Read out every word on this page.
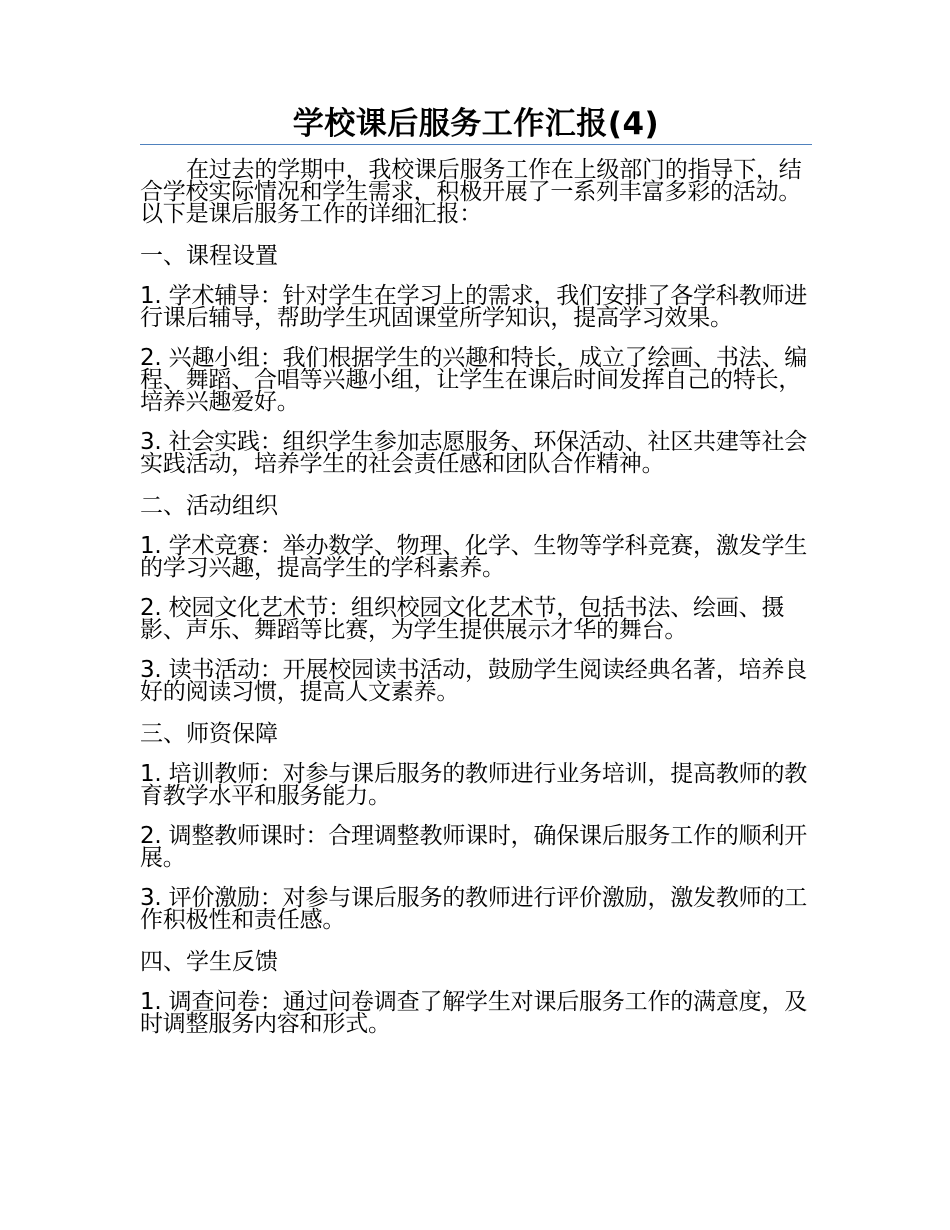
学校课后服务工作汇报(4)

在过去的学期中，我校课后服务工作在上级部门的指导下，结合学校实际情况和学生需求，积极开展了一系列丰富多彩的活动。以下是课后服务工作的详细汇报：

一、课程设置

1. 学术辅导：针对学生在学习上的需求，我们安排了各学科教师进行课后辅导，帮助学生巩固课堂所学知识，提高学习效果。

2. 兴趣小组：我们根据学生的兴趣和特长，成立了绘画、书法、编程、舞蹈、合唱等兴趣小组，让学生在课后时间发挥自己的特长，培养兴趣爱好。

3. 社会实践：组织学生参加志愿服务、环保活动、社区共建等社会实践活动，培养学生的社会责任感和团队合作精神。

二、活动组织

1. 学术竞赛：举办数学、物理、化学、生物等学科竞赛，激发学生的学习兴趣，提高学生的学科素养。

2. 校园文化艺术节：组织校园文化艺术节，包括书法、绘画、摄影、声乐、舞蹈等比赛，为学生提供展示才华的舞台。

3. 读书活动：开展校园读书活动，鼓励学生阅读经典名著，培养良好的阅读习惯，提高人文素养。

三、师资保障

1. 培训教师：对参与课后服务的教师进行业务培训，提高教师的教育教学水平和服务能力。

2. 调整教师课时：合理调整教师课时，确保课后服务工作的顺利开展。

3. 评价激励：对参与课后服务的教师进行评价激励，激发教师的工作积极性和责任感。

四、学生反馈

1. 调查问卷：通过问卷调查了解学生对课后服务工作的满意度，及时调整服务内容和形式。
